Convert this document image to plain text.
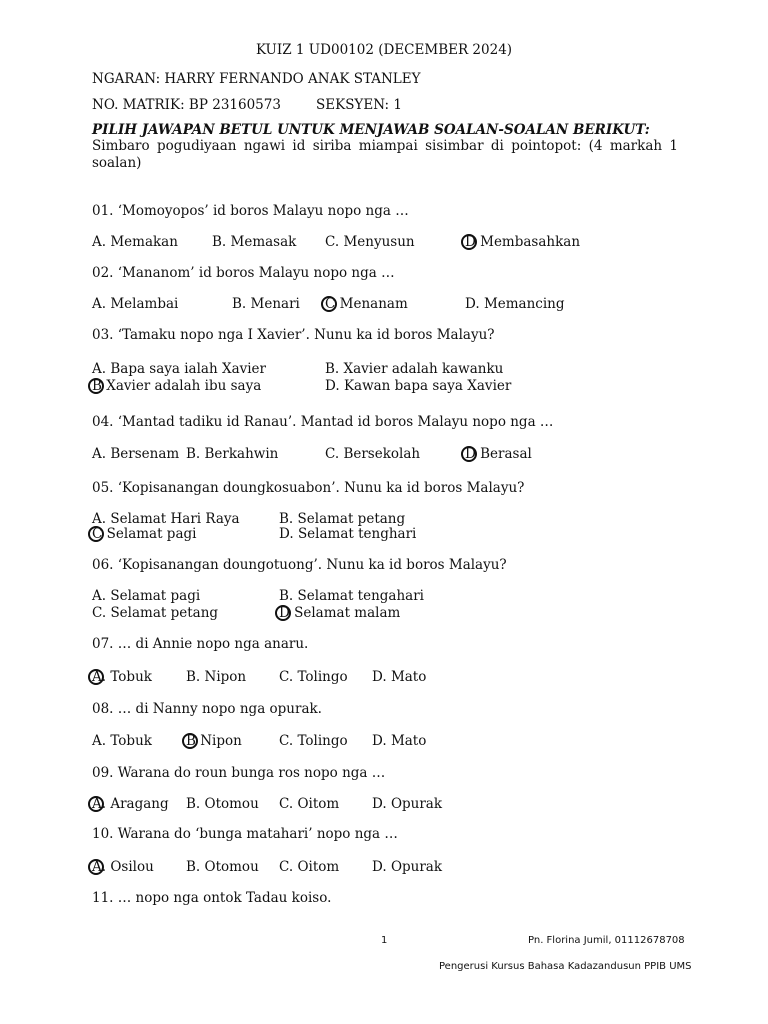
KUIZ 1 UD00102 (DECEMBER 2024)
NGARAN: HARRY FERNANDO ANAK STANLEY
NO. MATRIK: BP 23160573	SEKSYEN: 1
PILIH JAWAPAN BETUL UNTUK MENJAWAB SOALAN-SOALAN BERIKUT:
Simbaro pogudiyaan ngawi id siriba miampai sisimbar di pointopot: (4 markah 1 soalan)
01. ‘Momoyopos’ id boros Malayu nopo nga …
A. Memakan	B. Memasak C. Menyusun	D Membasahkan
02. ‘Mananom’ id boros Malayu nopo nga …
A. Melambai	B. Menari C Menanam	D. Memancing
03. ‘Tamaku nopo nga I Xavier’. Nunu ka id boros Malayu?
A. Bapa saya ialah Xavier	B. Xavier adalah kawanku
B Xavier adalah ibu saya	D. Kawan bapa saya Xavier
04. ‘Mantad tadiku id Ranau’. Mantad id boros Malayu nopo nga …
A. Bersenam B. Berkahwin	C. Bersekolah	D Berasal
05. ‘Kopisanangan doungkosuabon’. Nunu ka id boros Malayu?
A. Selamat Hari Raya	B. Selamat petang
C Selamat pagi	D. Selamat tenghari
06. ‘Kopisanangan doungotuong’. Nunu ka id boros Malayu?
A. Selamat pagi	B. Selamat tengahari
C. Selamat petang	D Selamat malam
07. … di Annie nopo nga anaru.
A. Tobuk	B. Nipon C. Tolingo D. Mato
08. … di Nanny nopo nga opurak.
A. Tobuk	B Nipon	C. Tolingo D. Mato
09. Warana do roun bunga ros nopo nga …
A. Aragang B. Otomou C. Oitom D. Opurak
10. Warana do ‘bunga matahari’ nopo nga …
A. Osilou B. Otomou C. Oitom D. Opurak
11. … nopo nga ontok Tadau koiso.
1	Pn. Florina Jumil, 01112678708
Pengerusi Kursus Bahasa Kadazandusun PPIB UMS
